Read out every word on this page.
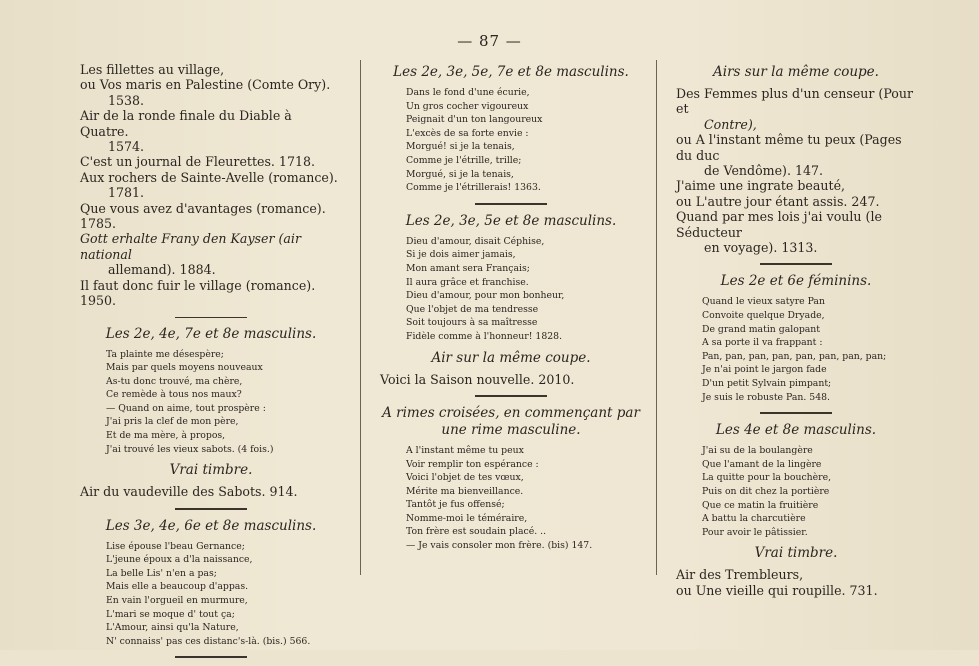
— 87 —

Les fillettes au village,

ou Vos maris en Palestine (Comte Ory).

1538.

Air de la ronde finale du Diable à Quatre.

1574.

C'est un journal de Fleurettes. 1718.

Aux rochers de Sainte-Avelle (romance).

1781.

Que vous avez d'avantages (romance). 1785.

Gott erhalte Frany den Kayser (air national

allemand). 1884.

Il faut donc fuir le village (romance). 1950.

Les 2e, 4e, 7e et 8e masculins.

Ta plainte me désespère;

Mais par quels moyens nouveaux

As-tu donc trouvé, ma chère,

Ce remède à tous nos maux?

— Quand on aime, tout prospère :

J'ai pris la clef de mon père,

Et de ma mère, à propos,

J'ai trouvé les vieux sabots. (4 fois.)

Vrai timbre.

Air du vaudeville des Sabots. 914.

Les 3e, 4e, 6e et 8e masculins.

Lise épouse l'beau Gernance;

L'jeune époux a d'la naissance,

La belle Lis' n'en a pas;

Mais elle a beaucoup d'appas.

En vain l'orgueil en murmure,

L'mari se moque d' tout ça;

L'Amour, ainsi qu'la Nature,

N' connaiss' pas ces distanc's-là. (bis.) 566.

Les 2e, 3e, 5e, 7e et 8e masculins.

Dans le fond d'une écurie,

Un gros cocher vigoureux

Peignait d'un ton langoureux

L'excès de sa forte envie :

Morgué! si je la tenais,

Comme je l'étrille, trille;

Morgué, si je la tenais,

Comme je l'étrillerais! 1363.

Les 2e, 3e, 5e et 8e masculins.

Dieu d'amour, disait Céphise,

Si je dois aimer jamais,

Mon amant sera Français;

Il aura grâce et franchise.

Dieu d'amour, pour mon bonheur,

Que l'objet de ma tendresse

Soit toujours à sa maîtresse

Fidèle comme à l'honneur! 1828.

Air sur la même coupe.

Voici la Saison nouvelle. 2010.

A rimes croisées, en commençant par une rime masculine.

A l'instant même tu peux

Voir remplir ton espérance :

Voici l'objet de tes vœux,

Mérite ma bienveillance.

Tantôt je fus offensé;

Nomme-moi le téméraire,

Ton frère est soudain placé. ..

— Je vais consoler mon frère. (bis) 147.

Airs sur la même coupe.

Des Femmes plus d'un censeur (Pour et

Contre),

ou A l'instant même tu peux (Pages du duc

de Vendôme). 147.

J'aime une ingrate beauté,

ou L'autre jour étant assis. 247.

Quand par mes lois j'ai voulu (le Séducteur

en voyage). 1313.

Les 2e et 6e féminins.

Quand le vieux satyre Pan

Convoite quelque Dryade,

De grand matin galopant

A sa porte il va frappant :

Pan, pan, pan, pan, pan, pan, pan, pan;

Je n'ai point le jargon fade

D'un petit Sylvain pimpant;

Je suis le robuste Pan. 548.

Les 4e et 8e masculins.

J'ai su de la boulangère

Que l'amant de la lingère

La quitte pour la bouchère,

Puis on dit chez la portière

Que ce matin la fruitière

A battu la charcutière

Pour avoir le pâtissier.

Vrai timbre.

Air des Trembleurs,

ou Une vieille qui roupille. 731.
